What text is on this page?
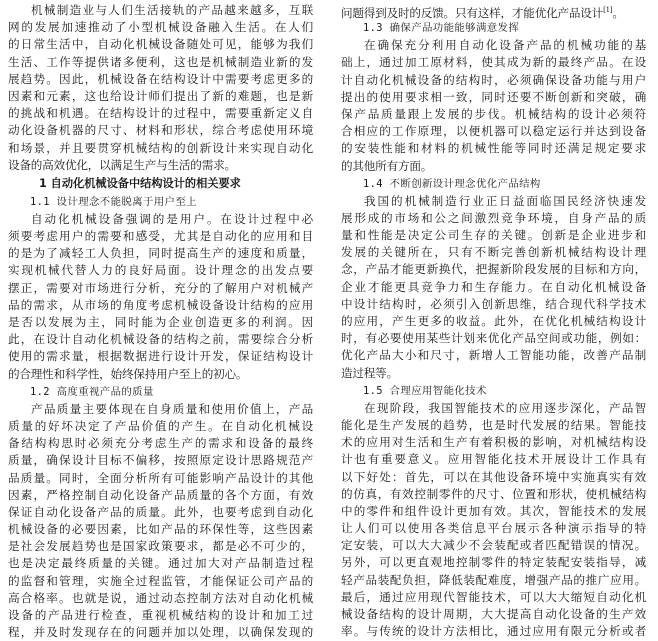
机械制造业与人们生活接轨的产品越来越多，互联
网的发展加速推动了小型机械设备融入生活。在人们
的日常生活中，自动化机械设备随处可见，能够为我们
生活、工作等提供诸多便利，这也是机械制造业新的发
展趋势。因此，机械设备在结构设计中需要考虑更多的
因素和元素，这也给设计师们提出了新的难题，也是新
的挑战和机遇。在结构设计的过程中，需要重新定义自
动化设备机器的尺寸、材料和形状，综合考虑使用环境
和场景，并且要贯穿机械结构的创新设计来实现自动化
设备的高效优化，以满足生产与生活的需求。
1 自动化机械设备中结构设计的相关要求
1.1 设计理念不能脱离于用户至上
自动化机械设备强调的是用户。在设计过程中必
须要考虑用户的需要和感受，尤其是自动化的应用和目
的是为了减轻工人负担，同时提高生产的速度和质量，
实现机械代替人力的良好局面。设计理念的出发点要
摆正，需要对市场进行分析，充分的了解用户对机械产
品的需求，从市场的角度考虑机械设备设计结构的应用
是否以发展为主，同时能为企业创造更多的利润。因
此，在设计自动化机械设备的结构之前，需要综合分析
使用的需求量，根据数据进行设计开发，保证结构设计
的合理性和科学性，始终保持用户至上的初心。
1.2 高度重视产品的质量
产品质量主要体现在自身质量和使用价值上，产品
质量的好坏决定了产品价值的产生。在自动化机械设
备结构构思时必须充分考虑生产的需求和设备的最终
质量，确保设计目标不偏移，按照原定设计思路规范产
品质量。同时，全面分析所有可能影响产品设计的其他
因素，严格控制自动化设备产品质量的各个方面，有效
保证自动化设备产品的质量。此外，也要考虑到自动化
机械设备的必要因素，比如产品的环保性等，这些因素
是社会发展趋势也是国家政策要求，都是必不可少的，
也是决定最终质量的关键。通过加大对产品制造过程
的监督和管理，实施全过程监管，才能保证公司产品的
高合格率。也就是说，通过动态控制方法对自动化机械
设备的产品进行检查，重视机械结构的设计和加工过
程，并及时发现存在的问题并加以处理，以确保发现的
问题得到及时的反馈。只有这样，才能优化产品设计[1]。
1.3 确保产品功能能够满意发挥
在确保充分利用自动化设备产品的机械功能的基
础上，通过加工原材料，使其成为新的最终产品。在设
计自动化机械设备的结构时，必须确保设备功能与用户
提出的使用要求相一致，同时还要不断创新和突破，确
保产品质量跟上发展的步伐。机械结构的设计必须符
合相应的工作原理，以便机器可以稳定运行并达到设备
的安装性能和材料的机械性能等同时还满足规定要求
的其他所有方面。
1.4 不断创新设计理念优化产品结构
我国的机械制造行业正日益面临国民经济快速发
展形成的市场和公之间激烈竞争环境，自身产品的质
量和性能是决定公司生存的关键。创新是企业进步和
发展的关键所在，只有不断完善创新机械结构设计理
念，产品才能更新换代，把握新阶段发展的目标和方向，
企业才能更具竞争力和生存能力。在自动化机械设备
中设计结构时，必须引入创新思维，结合现代科学技术
的应用，产生更多的收益。此外，在优化机械结构设计
时，有必要使用某些计划来优化产品空间或功能，例如：
优化产品大小和尺寸，新增人工智能功能，改善产品制
造过程等。
1.5 合理应用智能化技术
在现阶段，我国智能技术的应用逐步深化，产品智
能化是生产发展的趋势，也是时代发展的结果。智能技
术的应用对生活和生产有着积极的影响，对机械结构设
计也有重要意义。应用智能化技术开展设计工作具有
以下好处：首先，可以在其他设备环境中实施真实有效
的仿真，有效控制零件的尺寸、位置和形状，使机械结构
中的零件和组件设计更加有效。其次，智能技术的发展
让人们可以使用各类信息平台展示各种演示指导的特
定安装，可以大大减少不会装配或者匹配错误的情况。
另外，可以更直观地控制零件的特定装配安装指导，减
轻产品装配负担，降低装配难度，增强产品的推广应用。
最后，通过应用现代智能技术，可以大大缩短自动化机
械设备结构的设计周期，大大提高自动化设备的生产效
率。与传统的设计方法相比，通过应用有限元分析或者
